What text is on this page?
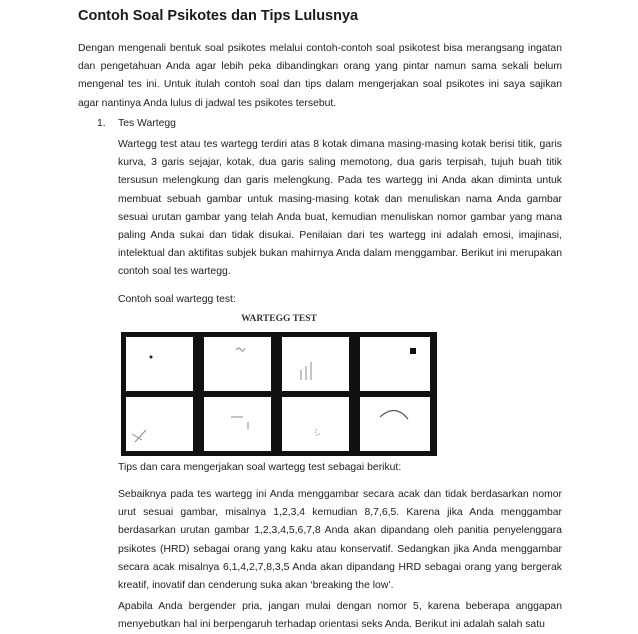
Contoh Soal Psikotes dan Tips Lulusnya

Dengan mengenali bentuk soal psikotes melalui contoh-contoh soal psikotest bisa merangsang ingatan dan pengetahuan Anda agar lebih peka dibandingkan orang yang pintar namun sama sekali belum mengenal tes ini. Untuk itulah contoh soal dan tips dalam mengerjakan soal psikotes ini saya sajikan agar nantinya Anda lulus di jadwal tes psikotes tersebut.

1. Tes Wartegg

Wartegg test atau tes wartegg terdiri atas 8 kotak dimana masing-masing kotak berisi titik, garis kurva, 3 garis sejajar, kotak, dua garis saling memotong, dua garis terpisah, tujuh buah titik tersusun melengkung dan garis melengkung. Pada tes wartegg ini Anda akan diminta untuk membuat sebuah gambar untuk masing-masing kotak dan menuliskan nama Anda gambar sesuai urutan gambar yang telah Anda buat, kemudian menuliskan nomor gambar yang mana paling Anda sukai dan tidak disukai. Penilaian dari tes wartegg ini adalah emosi, imajinasi, intelektual dan aktifitas subjek bukan mahirnya Anda dalam menggambar. Berikut ini merupakan contoh soal tes wartegg.

Contoh soal wartegg test:
WARTEGG TEST
Tips dan cara mengerjakan soal wartegg test sebagai berikut:

Sebaiknya pada tes wartegg ini Anda menggambar secara acak dan tidak berdasarkan nomor urut sesuai gambar, misalnya 1,2,3,4 kemudian 8,7,6,5. Karena jika Anda menggambar berdasarkan urutan gambar 1,2,3,4,5,6,7,8 Anda akan dipandang oleh panitia penyelenggara psikotes (HRD) sebagai orang yang kaku atau konservatif. Sedangkan jika Anda menggambar secara acak misalnya 6,1,4,2,7,8,3,5 Anda akan dipandang HRD sebagai orang yang bergerak kreatif, inovatif dan cenderung suka akan ‘breaking the low’.

Apabila Anda bergender pria, jangan mulai dengan nomor 5, karena beberapa anggapan menyebutkan hal ini berpengaruh terhadap orientasi seks Anda. Berikut ini adalah salah satu
